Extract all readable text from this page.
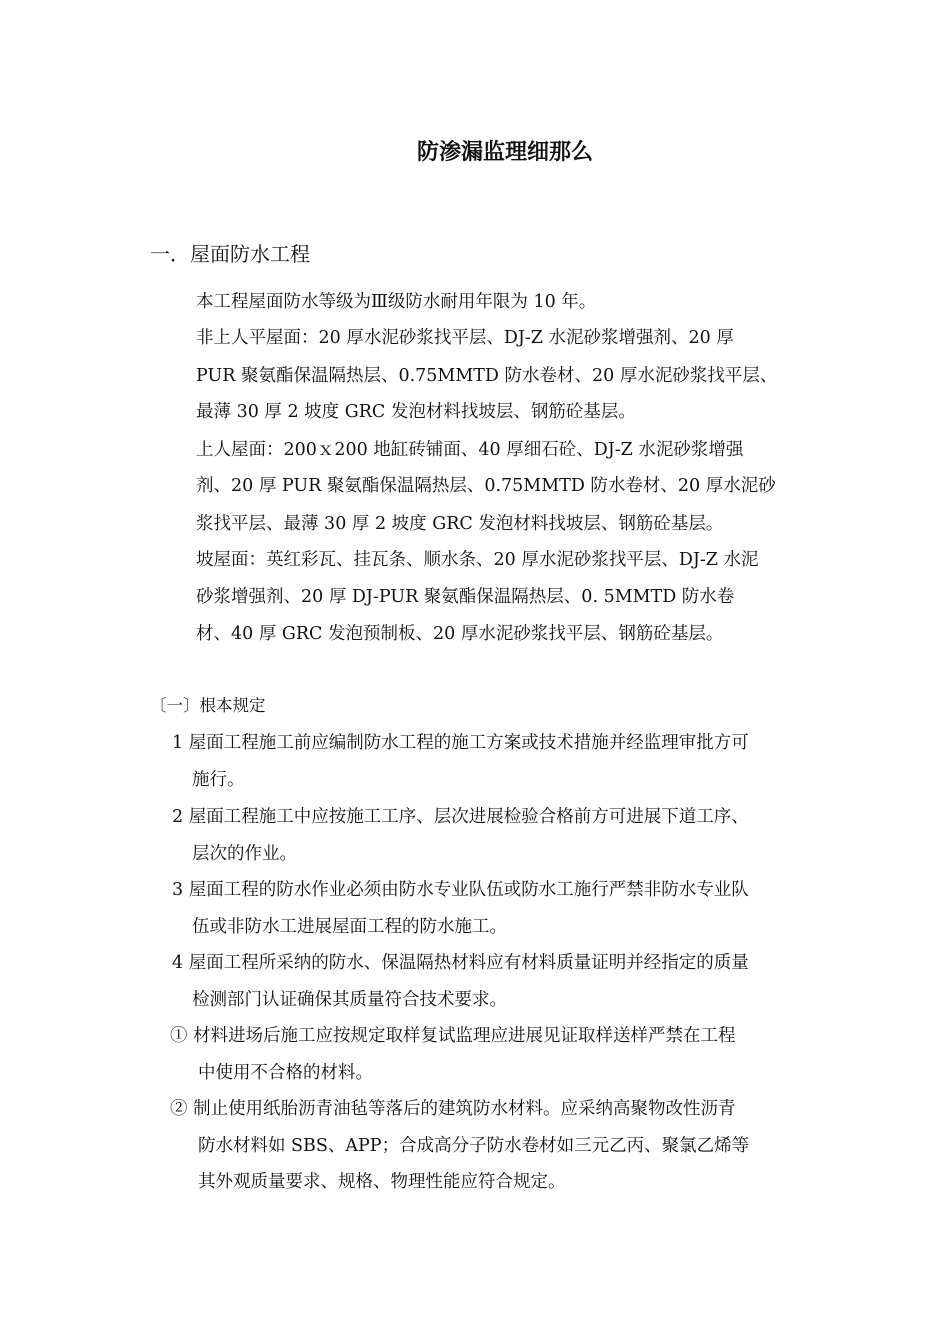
防渗漏监理细那么
一．屋面防水工程
本工程屋面防水等级为Ⅲ级防水耐用年限为 10 年。
非上人平屋面：20 厚水泥砂浆找平层、DJ-Z 水泥砂浆增强剂、20 厚
PUR 聚氨酯保温隔热层、0.75MMTD 防水卷材、20 厚水泥砂浆找平层、
最薄 30 厚 2 坡度 GRC 发泡材料找坡层、钢筋砼基层。
上人屋面：200ｘ200 地缸砖铺面、40 厚细石砼、DJ-Z 水泥砂浆增强
剂、20 厚 PUR 聚氨酯保温隔热层、0.75MMTD 防水卷材、20 厚水泥砂
浆找平层、最薄 30 厚 2 坡度 GRC 发泡材料找坡层、钢筋砼基层。
坡屋面：英红彩瓦、挂瓦条、顺水条、20 厚水泥砂浆找平层、DJ-Z 水泥
砂浆增强剂、20 厚 DJ-PUR 聚氨酯保温隔热层、0. 5MMTD 防水卷
材、40 厚 GRC 发泡预制板、20 厚水泥砂浆找平层、钢筋砼基层。
〔一〕根本规定
1 屋面工程施工前应编制防水工程的施工方案或技术措施并经监理审批方可
施行。
2 屋面工程施工中应按施工工序、层次进展检验合格前方可进展下道工序、
层次的作业。
3 屋面工程的防水作业必须由防水专业队伍或防水工施行严禁非防水专业队
伍或非防水工进展屋面工程的防水施工。
4 屋面工程所采纳的防水、保温隔热材料应有材料质量证明并经指定的质量
检测部门认证确保其质量符合技术要求。
① 材料进场后施工应按规定取样复试监理应进展见证取样送样严禁在工程
中使用不合格的材料。
② 制止使用纸胎沥青油毡等落后的建筑防水材料。应采纳高聚物改性沥青
防水材料如 SBS、APP；合成高分子防水卷材如三元乙丙、聚氯乙烯等
其外观质量要求、规格、物理性能应符合规定。
